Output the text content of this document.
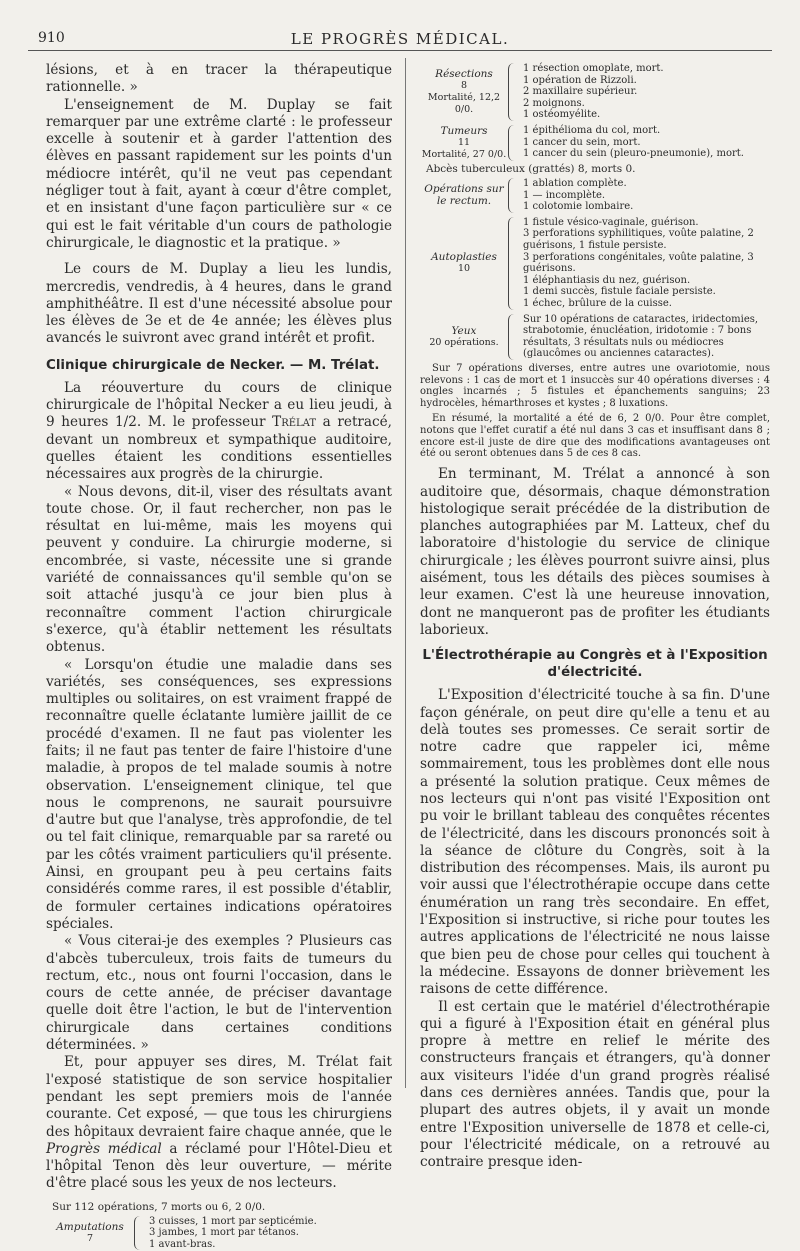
910	LE PROGRÈS MÉDICAL.

lésions, et à en tracer la thérapeutique rationnelle. »

L'enseignement de M. Duplay se fait remarquer par une extrême clarté : le professeur excelle à soutenir et à garder l'attention des élèves en passant rapidement sur les points d'un médiocre intérêt, qu'il ne veut pas cependant négliger tout à fait, ayant à cœur d'être complet, et en insistant d'une façon particulière sur « ce qui est le fait véritable d'un cours de pathologie chirurgicale, le diagnostic et la pratique. »

Le cours de M. Duplay a lieu les lundis, mercredis, vendredis, à 4 heures, dans le grand amphithéâtre. Il est d'une nécessité absolue pour les élèves de 3e et de 4e année; les élèves plus avancés le suivront avec grand intérêt et profit.

Clinique chirurgicale de Necker. — M. Trélat.

La réouverture du cours de clinique chirurgicale de l'hôpital Necker a eu lieu jeudi, à 9 heures 1/2. M. le professeur Trélat a retracé, devant un nombreux et sympathique auditoire, quelles étaient les conditions essentielles nécessaires aux progrès de la chirurgie.

« Nous devons, dit-il, viser des résultats avant toute chose. Or, il faut rechercher, non pas le résultat en lui-même, mais les moyens qui peuvent y conduire. La chirurgie moderne, si encombrée, si vaste, nécessite une si grande variété de connaissances qu'il semble qu'on se soit attaché jusqu'à ce jour bien plus à reconnaître comment l'action chirurgicale s'exerce, qu'à établir nettement les résultats obtenus.

« Lorsqu'on étudie une maladie dans ses variétés, ses conséquences, ses expressions multiples ou solitaires, on est vraiment frappé de reconnaître quelle éclatante lumière jaillit de ce procédé d'examen. Il ne faut pas violenter les faits; il ne faut pas tenter de faire l'histoire d'une maladie, à propos de tel malade soumis à notre observation. L'enseignement clinique, tel que nous le comprenons, ne saurait poursuivre d'autre but que l'analyse, très approfondie, de tel ou tel fait clinique, remarquable par sa rareté ou par les côtés vraiment particuliers qu'il présente. Ainsi, en groupant peu à peu certains faits considérés comme rares, il est possible d'établir, de formuler certaines indications opératoires spéciales.

« Vous citerai-je des exemples ? Plusieurs cas d'abcès tuberculeux, trois faits de tumeurs du rectum, etc., nous ont fourni l'occasion, dans le cours de cette année, de préciser davantage quelle doit être l'action, le but de l'intervention chirurgicale dans certaines conditions déterminées. »

Et, pour appuyer ses dires, M. Trélat fait l'exposé statistique de son service hospitalier pendant les sept premiers mois de l'année courante. Cet exposé, — que tous les chirurgiens des hôpitaux devraient faire chaque année, que le Progrès médical a réclamé pour l'Hôtel-Dieu et l'hôpital Tenon dès leur ouverture, — mérite d'être placé sous les yeux de nos lecteurs.

Sur 112 opérations, 7 morts ou 6, 2 0/0.
Amputations
7
3 cuisses, 1 mort par septicémie.
3 jambes, 1 mort par tétanos.
1 avant-bras.
Résections
8
Mortalité, 12,2 0/0.
1 résection omoplate, mort.
1 opération de Rizzoli.
2 maxillaire supérieur.
2 moignons.
1 ostéomyélite.
Tumeurs
11
Mortalité, 27 0/0.
1 épithélioma du col, mort.
1 cancer du sein, mort.
1 cancer du sein (pleuro-pneumonie), mort.
Abcès tuberculeux (grattés) 8, morts 0.
Opérations sur le rectum.
1 ablation complète.
1 — incomplète.
1 colotomie lombaire.
Autoplasties
10
1 fistule vésico-vaginale, guérison.
3 perforations syphilitiques, voûte palatine, 2 guérisons, 1 fistule persiste.
3 perforations congénitales, voûte palatine, 3 guérisons.
1 éléphantiasis du nez, guérison.
1 demi succès, fistule faciale persiste.
1 échec, brûlure de la cuisse.
Yeux
20 opérations.
Sur 10 opérations de cataractes, iridectomies, strabotomie, énucléation, iridotomie : 7 bons résultats, 3 résultats nuls ou médiocres (glaucômes ou anciennes cataractes).
Sur 7 opérations diverses, entre autres une ovariotomie, nous relevons : 1 cas de mort et 1 insuccès sur 40 opérations diverses : 4 ongles incarnés ; 5 fistules et épanchements sanguins; 23 hydrocèles, hémarthroses et kystes ; 8 luxations.
En résumé, la mortalité a été de 6, 2 0/0. Pour être complet, notons que l'effet curatif a été nul dans 3 cas et insuffisant dans 8 ; encore est-il juste de dire que des modifications avantageuses ont été ou seront obtenues dans 5 de ces 8 cas.

En terminant, M. Trélat a annoncé à son auditoire que, désormais, chaque démonstration histologique serait précédée de la distribution de planches autographiées par M. Latteux, chef du laboratoire d'histologie du service de clinique chirurgicale ; les élèves pourront suivre ainsi, plus aisément, tous les détails des pièces soumises à leur examen. C'est là une heureuse innovation, dont ne manqueront pas de profiter les étudiants laborieux.

L'Électrothérapie au Congrès et à l'Exposition d'électricité.

L'Exposition d'électricité touche à sa fin. D'une façon générale, on peut dire qu'elle a tenu et au delà toutes ses promesses. Ce serait sortir de notre cadre que rappeler ici, même sommairement, tous les problèmes dont elle nous a présenté la solution pratique. Ceux mêmes de nos lecteurs qui n'ont pas visité l'Exposition ont pu voir le brillant tableau des conquêtes récentes de l'électricité, dans les discours prononcés soit à la séance de clôture du Congrès, soit à la distribution des récompenses. Mais, ils auront pu voir aussi que l'électrothérapie occupe dans cette énumération un rang très secondaire. En effet, l'Exposition si instructive, si riche pour toutes les autres applications de l'électricité ne nous laisse que bien peu de chose pour celles qui touchent à la médecine. Essayons de donner brièvement les raisons de cette différence.

Il est certain que le matériel d'électrothérapie qui a figuré à l'Exposition était en général plus propre à mettre en relief le mérite des constructeurs français et étrangers, qu'à donner aux visiteurs l'idée d'un grand progrès réalisé dans ces dernières années. Tandis que, pour la plupart des autres objets, il y avait un monde entre l'Exposition universelle de 1878 et celle-ci, pour l'électricité médicale, on a retrouvé au contraire presque iden-
